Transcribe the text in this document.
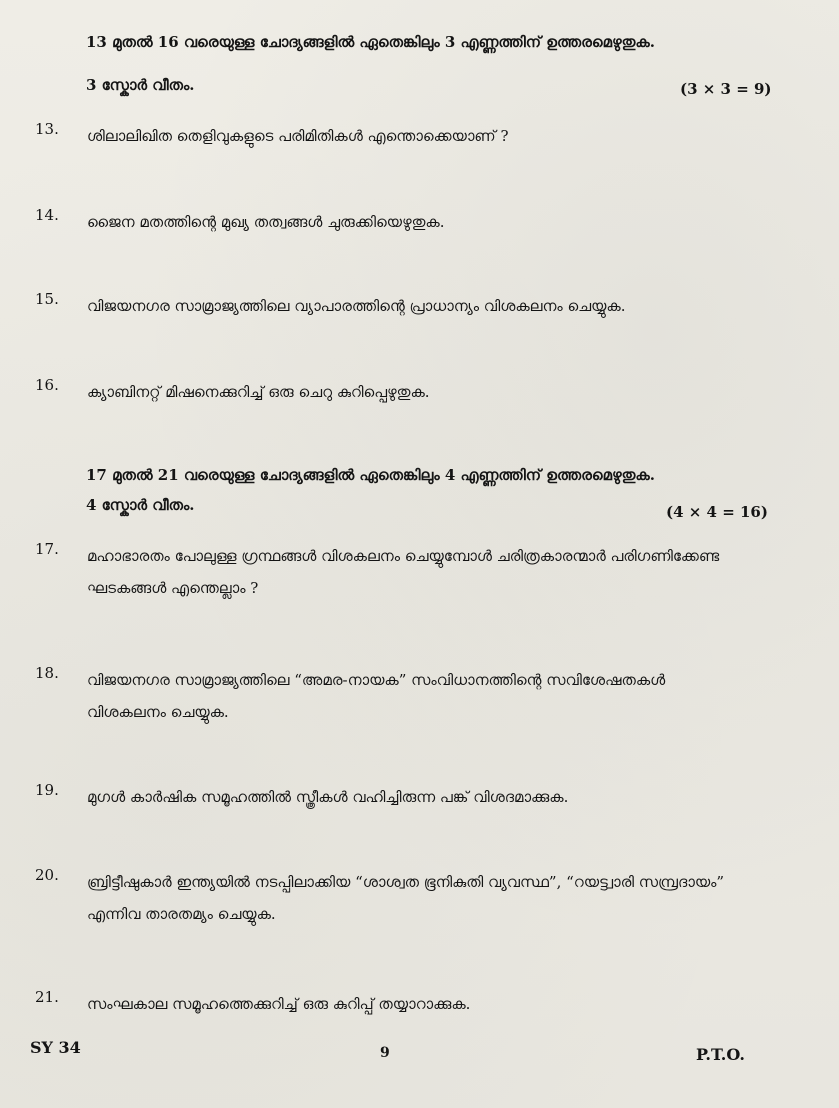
13 മുതൽ 16 വരെയുള്ള ചോദ്യങ്ങളിൽ ഏതെങ്കിലും 3 എണ്ണത്തിന് ഉത്തരമെഴുതുക.
3 സ്കോർ വീതം.	(3 × 3 = 9)
13. ശിലാലിഖിത തെളിവുകളുടെ പരിമിതികൾ എന്തൊക്കെയാണ് ?
14. ജൈന മതത്തിന്റെ മുഖ്യ തത്വങ്ങൾ ചുരുക്കിയെഴുതുക.
15. വിജയനഗര സാമ്രാജ്യത്തിലെ വ്യാപാരത്തിന്റെ പ്രാധാന്യം വിശകലനം ചെയ്യുക.
16. ക്യാബിനറ്റ് മിഷനെക്കുറിച്ച് ഒരു ചെറു കുറിപ്പെഴുതുക.
17 മുതൽ 21 വരെയുള്ള ചോദ്യങ്ങളിൽ ഏതെങ്കിലും 4 എണ്ണത്തിന് ഉത്തരമെഴുതുക.
4 സ്കോർ വീതം.	(4 × 4 = 16)
17. മഹാഭാരതം പോലുള്ള ഗ്രന്ഥങ്ങൾ വിശകലനം ചെയ്യുമ്പോൾ ചരിത്രകാരന്മാർ പരിഗണിക്കേണ്ട ഘടകങ്ങൾ എന്തെല്ലാം ?
18. വിജയനഗര സാമ്രാജ്യത്തിലെ “അമര-നായക” സംവിധാനത്തിന്റെ സവിശേഷതകൾ വിശകലനം ചെയ്യുക.
19. മുഗൾ കാർഷിക സമൂഹത്തിൽ സ്ത്രീകൾ വഹിച്ചിരുന്ന പങ്ക് വിശദമാക്കുക.
20. ബ്രിട്ടീഷുകാർ ഇന്ത്യയിൽ നടപ്പിലാക്കിയ “ശാശ്വത ഭൂനികുതി വ്യവസ്ഥ”, “റയട്ട്വാരി സമ്പ്രദായം” എന്നിവ താരതമ്യം ചെയ്യുക.
21. സംഘകാല സമൂഹത്തെക്കുറിച്ച് ഒരു കുറിപ്പ് തയ്യാറാക്കുക.
SY 34	9	P.T.O.
